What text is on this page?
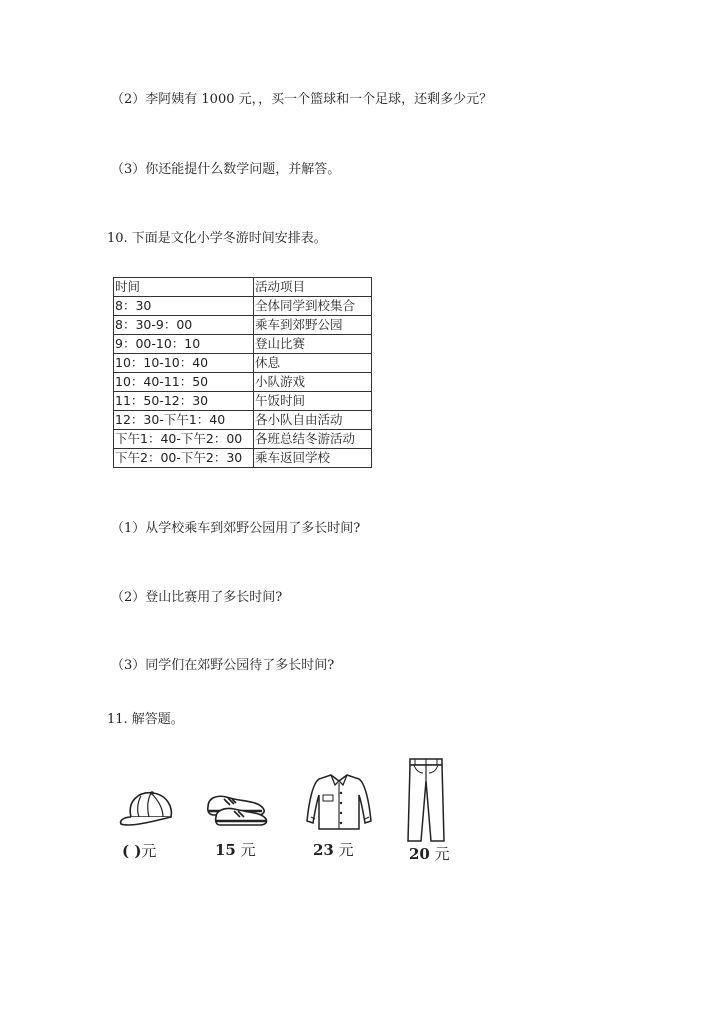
（2）李阿姨有 1000 元，，买一个篮球和一个足球，还剩多少元？
（3）你还能提什么数学问题，并解答。
10. 下面是文化小学冬游时间安排表。
时间	活动项目
8：30	全体同学到校集合
8：30-9：00	乘车到郊野公园
9：00-10：10	登山比赛
10：10-10：40	休息
10：40-11：50	小队游戏
11：50-12：30	午饭时间
12：30-下午1：40	各小队自由活动
下午1：40-下午2：00	各班总结冬游活动
下午2：00-下午2：30	乘车返回学校
（1）从学校乘车到郊野公园用了多长时间?
（2）登山比赛用了多长时间?
（3）同学们在郊野公园待了多长时间?
11. 解答题。
( )元	15 元	23 元	20 元
